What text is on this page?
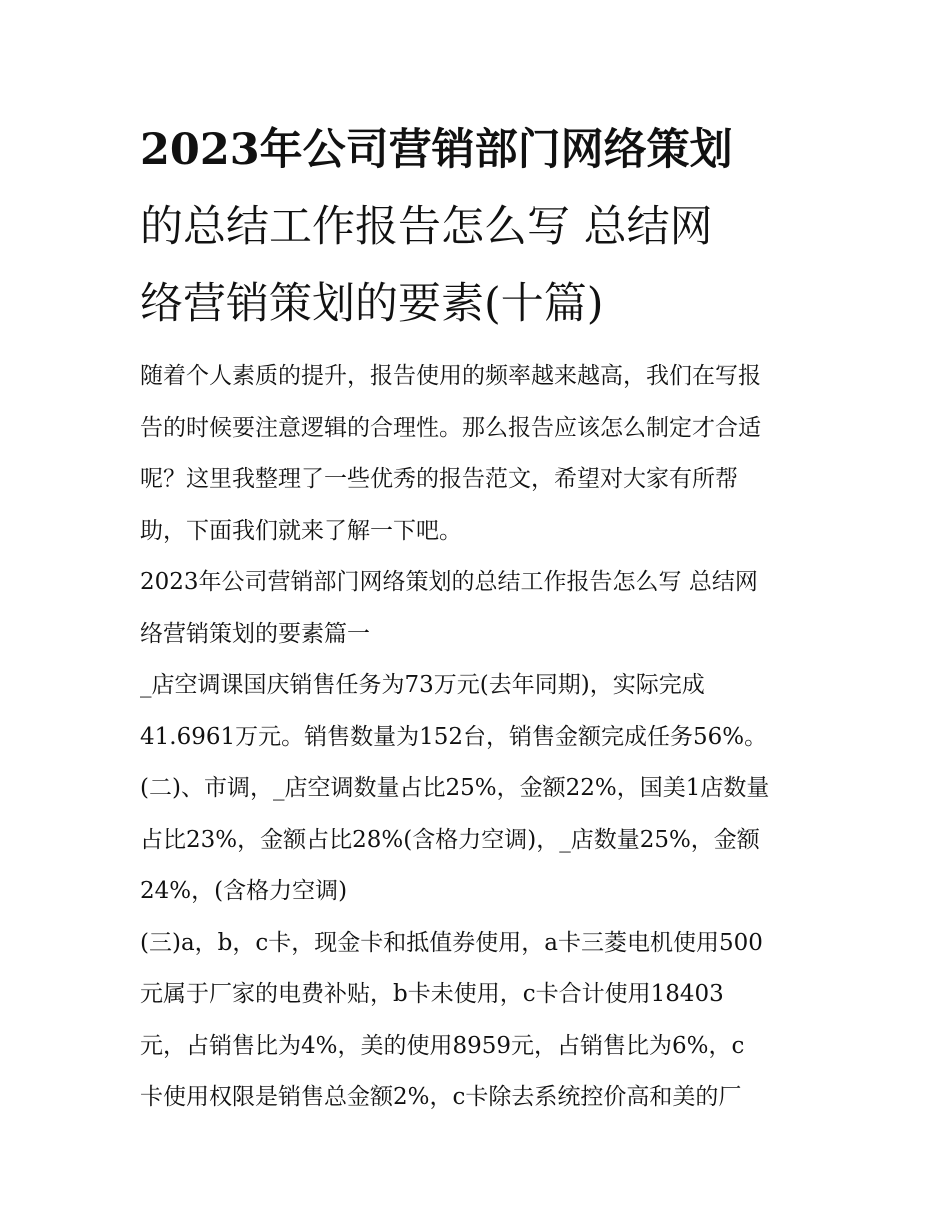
2023年公司营销部门网络策划
的总结工作报告怎么写 总结网
络营销策划的要素(十篇)
随着个人素质的提升，报告使用的频率越来越高，我们在写报
告的时候要注意逻辑的合理性。那么报告应该怎么制定才合适
呢？这里我整理了一些优秀的报告范文，希望对大家有所帮
助，下面我们就来了解一下吧。
2023年公司营销部门网络策划的总结工作报告怎么写 总结网
络营销策划的要素篇一
_店空调课国庆销售任务为73万元(去年同期)，实际完成
41.6961万元。销售数量为152台，销售金额完成任务56%。
(二)、市调，_店空调数量占比25%，金额22%，国美1店数量
占比23%，金额占比28%(含格力空调)，_店数量25%，金额
24%，(含格力空调)
(三)a，b，c卡，现金卡和抵值券使用，a卡三菱电机使用500
元属于厂家的电费补贴，b卡未使用，c卡合计使用18403
元，占销售比为4%，美的使用8959元，占销售比为6%，c
卡使用权限是销售总金额2%，c卡除去系统控价高和美的厂
